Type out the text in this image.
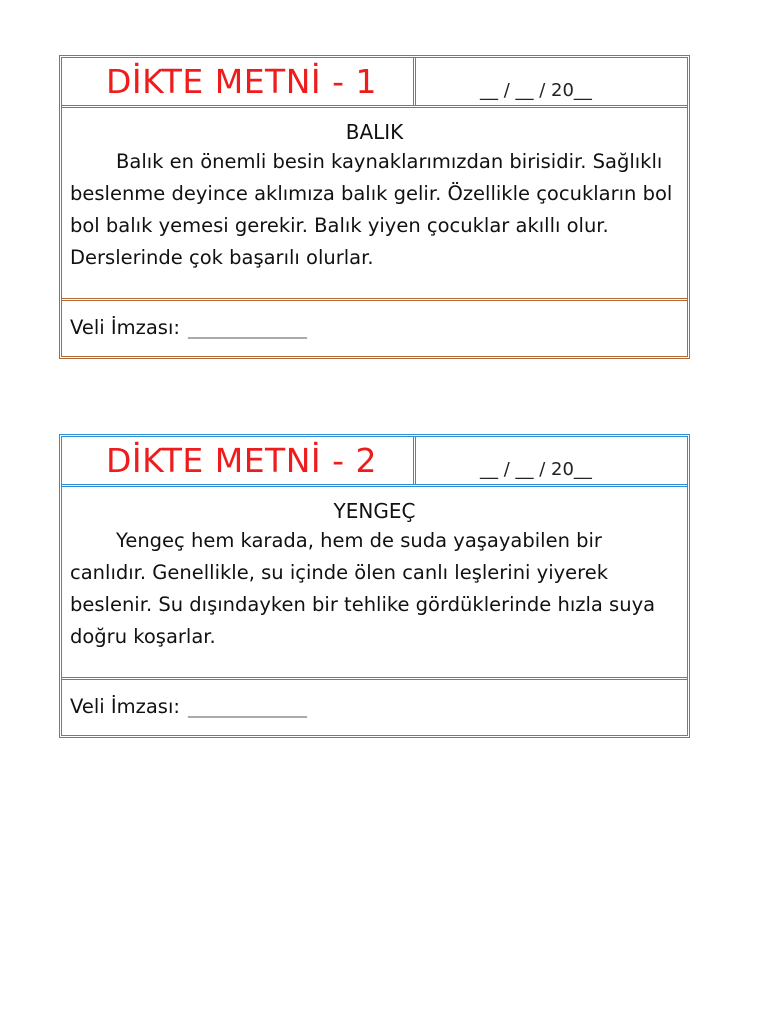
DİKTE METNİ - 1	__ / __ / 20__
BALIK

Balık en önemli besin kaynaklarımızdan birisidir. Sağlıklı beslenme deyince aklımıza balık gelir. Özellikle çocukların bol bol balık yemesi gerekir. Balık yiyen çocuklar akıllı olur. Derslerinde çok başarılı olurlar.

Veli İmzası: _________________
DİKTE METNİ - 2	__ / __ / 20__
YENGEÇ

Yengeç hem karada, hem de suda yaşayabilen bir canlıdır. Genellikle, su içinde ölen canlı leşlerini yiyerek beslenir. Su dışındayken bir tehlike gördüklerinde hızla suya doğru koşarlar.

Veli İmzası: _________________
